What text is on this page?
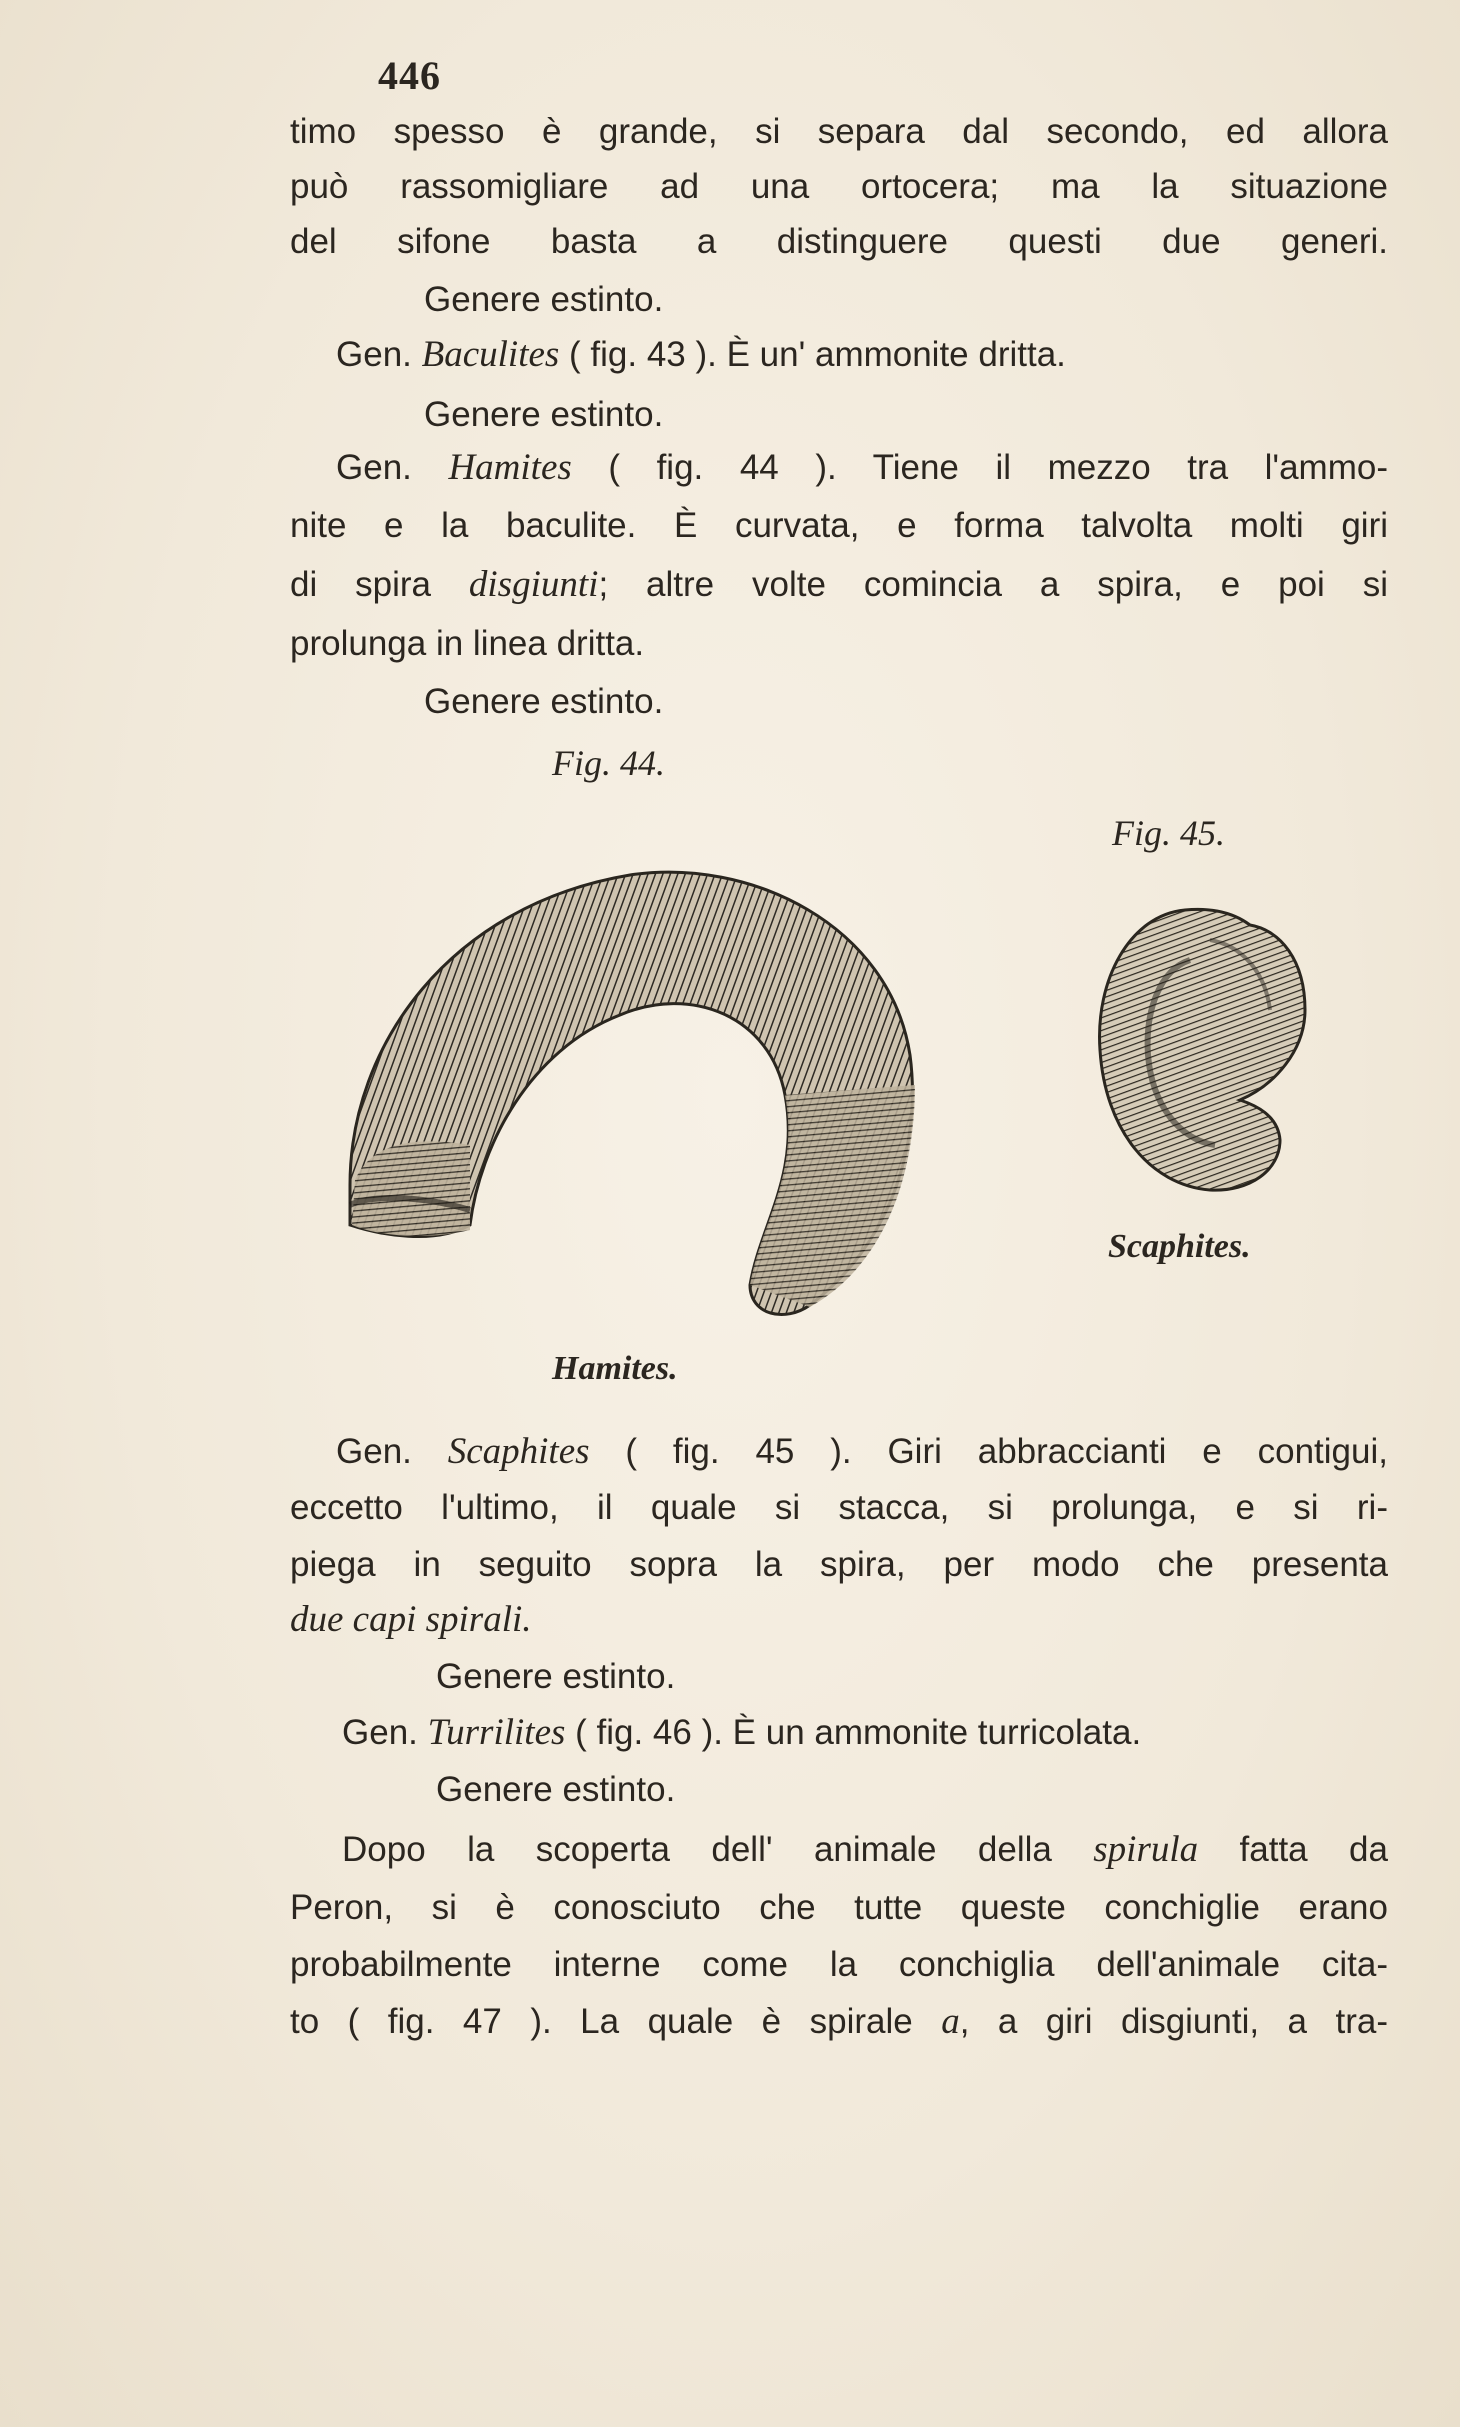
446
timo spesso è grande, si separa dal secondo, ed allora
può rassomigliare ad una ortocera; ma la situazione
del sifone basta a distinguere questi due generi.
Genere estinto.
Gen. Baculites ( fig. 43 ). È un' ammonite dritta.
Genere estinto.
Gen. Hamites ( fig. 44 ). Tiene il mezzo tra l'ammo-
nite e la baculite. È curvata, e forma talvolta molti giri
di spira disgiunti; altre volte comincia a spira, e poi si
prolunga in linea dritta.
Genere estinto.
Fig. 44.
Fig. 45.
Hamites.
Scaphites.
Gen. Scaphites ( fig. 45 ). Giri abbraccianti e contigui,
eccetto l'ultimo, il quale si stacca, si prolunga, e si ri-
piega in seguito sopra la spira, per modo che presenta
due capi spirali.
Genere estinto.
Gen. Turrilites ( fig. 46 ). È un ammonite turricolata.
Genere estinto.
Dopo la scoperta dell' animale della spirula fatta da
Peron, si è conosciuto che tutte queste conchiglie erano
probabilmente interne come la conchiglia dell'animale cita-
to ( fig. 47 ). La quale è spirale a, a giri disgiunti, a tra-
